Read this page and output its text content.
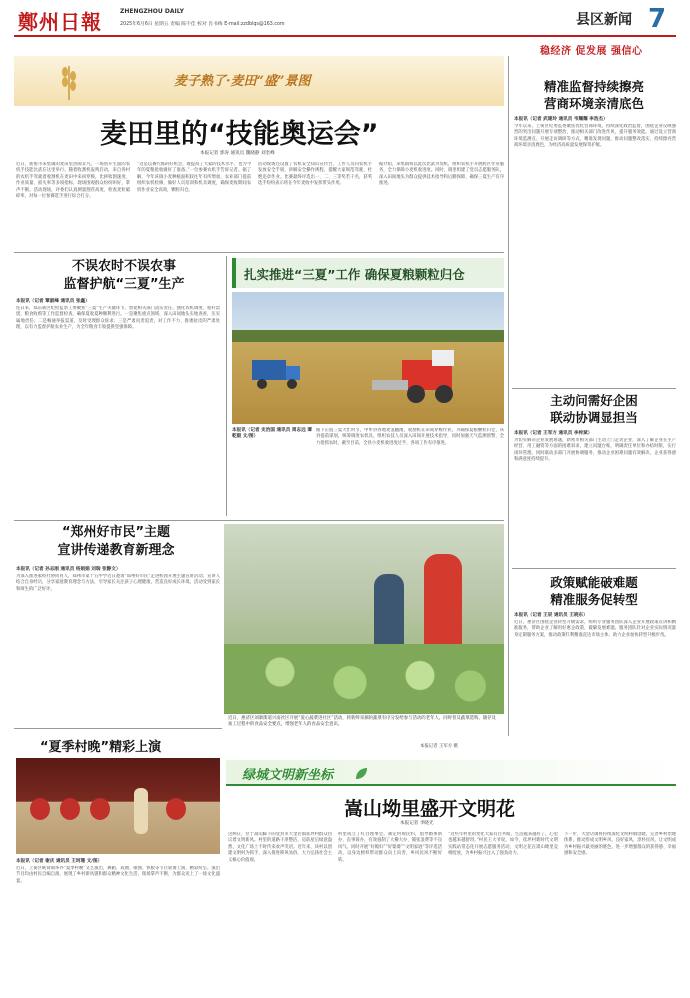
鄭州日報	ZHENGZHOU DAILY
2025年6月6日 星期五 责编 陈宇佳 校对 肖书梅 E-mail:zzdblqs@163.com	县区新闻 7
稳经济 促发展 强信心
麦子熟了·麦田“盛”景图
麦田里的“技能奥运会”
本报记者 郭涛 通讯员 魏晓静 刘奎峰
近日，新密市来集镇的麦田里热闹非凡，一场别开生面的农机手技能比武在这里举行。随着收割机轰鸣启动，来自各村的农机手驾驶着收割机在麦田中来回穿梭，比拼收割速度、作业质量、损失率等多项指标，现场围观群众纷纷叫好，掌声不断。活动现场，评委们认真测量割茬高度、检查麦粒破碎率，对每一位参赛选手进行综合打分。
“这是以赛代练的好机会，既提高了大家的技术水平，也为今年的夏粮抢收做好了准备。”一位参赛农机手告诉记者。据了解，今年该镇小麦种植面积较往年有所增加，农业部门提前组织农机检修，做好人员培训和机具调度，确保麦收期间农机作业安全高效，颗粒归仓。
活动现场还设置了农机安全知识宣传台，工作人员向农机手发放安全手册，讲解安全操作规程，提醒大家规范驾驶，杜绝违章作业。比赛最终评选出一、二、三等奖若干名，获奖选手纷纷表示将在今年麦收中发挥带头作用。
据介绍，来集镇将以此次比武为契机，组织农机手开展跨区作业服务，全力保障小麦机收进度。同时，镇里组建了党员志愿服务队，深入田间地头为群众提供技术指导和后勤保障，确保三夏生产有序推进。
不误农时不误农事
监督护航“三夏”生产
本报讯（记者 覃淑峰 通讯员 张鑫）
连日来，郑东新区纪检监察工委聚焦“三夏”生产关键环节，督促相关部门落实责任，强化农机调度、秸秆禁烧、粮食收购等工作监督检查，确保夏收夏种顺利进行。一是聚焦重点领域，深入田间地头实地查看，压实属地责任；二是畅通举报渠道，及时受理群众诉求；三是严肃问责追责，对工作不力、推诿扯皮的严肃处理，以有力监督护航农业生产，为全年粮食丰收提供坚强保障。
扎实推进“三夏”工作 确保夏粮颗粒归仓
本报讯（记者 史治国 通讯员 周志远 谭乾毅 文/图）
眼下正值三夏大忙时节，中牟县各地麦浪翻滚，收割机在田间穿梭作业。为确保夏粮颗粒归仓，该县提前谋划，统筹调度农机具，组织农技人员深入田间开展技术指导，同时加强天气监测预警，全力抢抓农时。截至目前，全县小麦机收进度过半，各项工作有序推进。
“郑州好市民”主题
宣讲传递教育新理念
本报讯（记者 孙志刚 通讯员 杨娟娟 刘瑞 张静文）
为深入推进家校社协同育人，郑州市第十五中学近日邀请“郑州好市民”走进校园开展主题宣讲活动。宣讲人结合自身经历，分享家庭教育理念与方法，引导家长关注孩子心理健康，营造良好成长环境。活动受到家长和师生的广泛好评。
近日，惠济区刘寨街道兴南社区开展“爱心蔬菜进社区”活动，将新鲜采摘的蔬菜有序分发给参与活动的老年人，同时普及蔬菜选购、储存及加工过程中的食品安全要点，增强老年人的食品安全意识。
本报记者 王军方 摄
“夏季村晚”精彩上演
本报讯（记者 谢庆 通讯员 王珂珊 文/图）
近日，上街区峡窝镇举办“夏季村晚”文艺演出，舞蹈、戏曲、歌曲、快板等节目轮番上演，精彩纷呈。演出节目均由村民自编自演，展现了乡村新风貌和群众精神文化生活，现场掌声不断，为群众送上了一场文化盛宴。
精准监督持续擦亮
营商环境亲清底色
本报讯（记者 武建玲 通讯员 韦耀耀 李浩杰）
今年以来，上街区纪委监委聚焦优化营商环境，持续深化政治监督，围绕企业反映强烈的突出问题开展专项整治，推动相关部门改进作风、提升服务效能。通过设立营商环境监测点、开展走访调研等方式，精准发现问题，推动问题整改落实，持续擦亮营商环境亲清底色，为经济高质量发展保驾护航。
主动问需好企困
联动协调显担当
本报讯（记者 王军方 通讯员 李梓斌）
为切实解决企业发展难题，新密市相关部门主动上门走访企业，深入了解企业在生产经营、用工融资等方面的困难诉求，建立问题台账，明确责任单位和办结时限，实行闭环管理。同时联动多部门开展协调服务，推动企业困难问题有效解决，企业获得感和满意度持续提升。
政策赋能破难题
精准服务促转型
本报讯（记者 王辰 通讯员 王晓东）
近日，惠济区围绕企业转型升级需求，组织专业服务团队深入企业开展政策宣讲和精准服务，帮助企业了解用好惠企政策，破解发展难题。服务团队针对企业实际情况量身定制服务方案，推动政策红利精准直达市场主体，助力企业加快转型升级步伐。
绿城文明新坐标
嵩山坳里盛开文明花
本报记者 李晓光
这两日，位于嵩山脚下的登封市大金店镇崔坪村群众热议着文明新风。村里的道路干净整洁，房前屋后绿意盎然，文化广场上不时传来欢声笑语。近年来，该村以创建文明村为抓手，深入推进移风易俗，大力弘扬社会主义核心价值观。
村里成立了红白理事会，制定村规民约，倡导婚事新办、丧事简办，有效遏制了大操大办、铺张浪费等不良风气。同时开展“好媳妇”“好婆婆”“文明家庭”等评选活动，以身边榜样带动群众向上向善，乡风民风不断好转。
“这些年村里的变化大家有目共睹，生活越来越好了，心里也越来越舒坦。”村民王大爷说。如今，崔坪村新时代文明实践站常态化开展志愿服务活动，文明之花在嵩山坳里竞相绽放，为乡村振兴注入了强劲动力。
下一步，大金店镇将持续深化文明村镇创建，完善乡村治理体系，推动形成文明乡风、良好家风、淳朴民风，让文明成为乡村振兴最亮丽的底色，进一步增强群众的获得感、幸福感和安全感。
